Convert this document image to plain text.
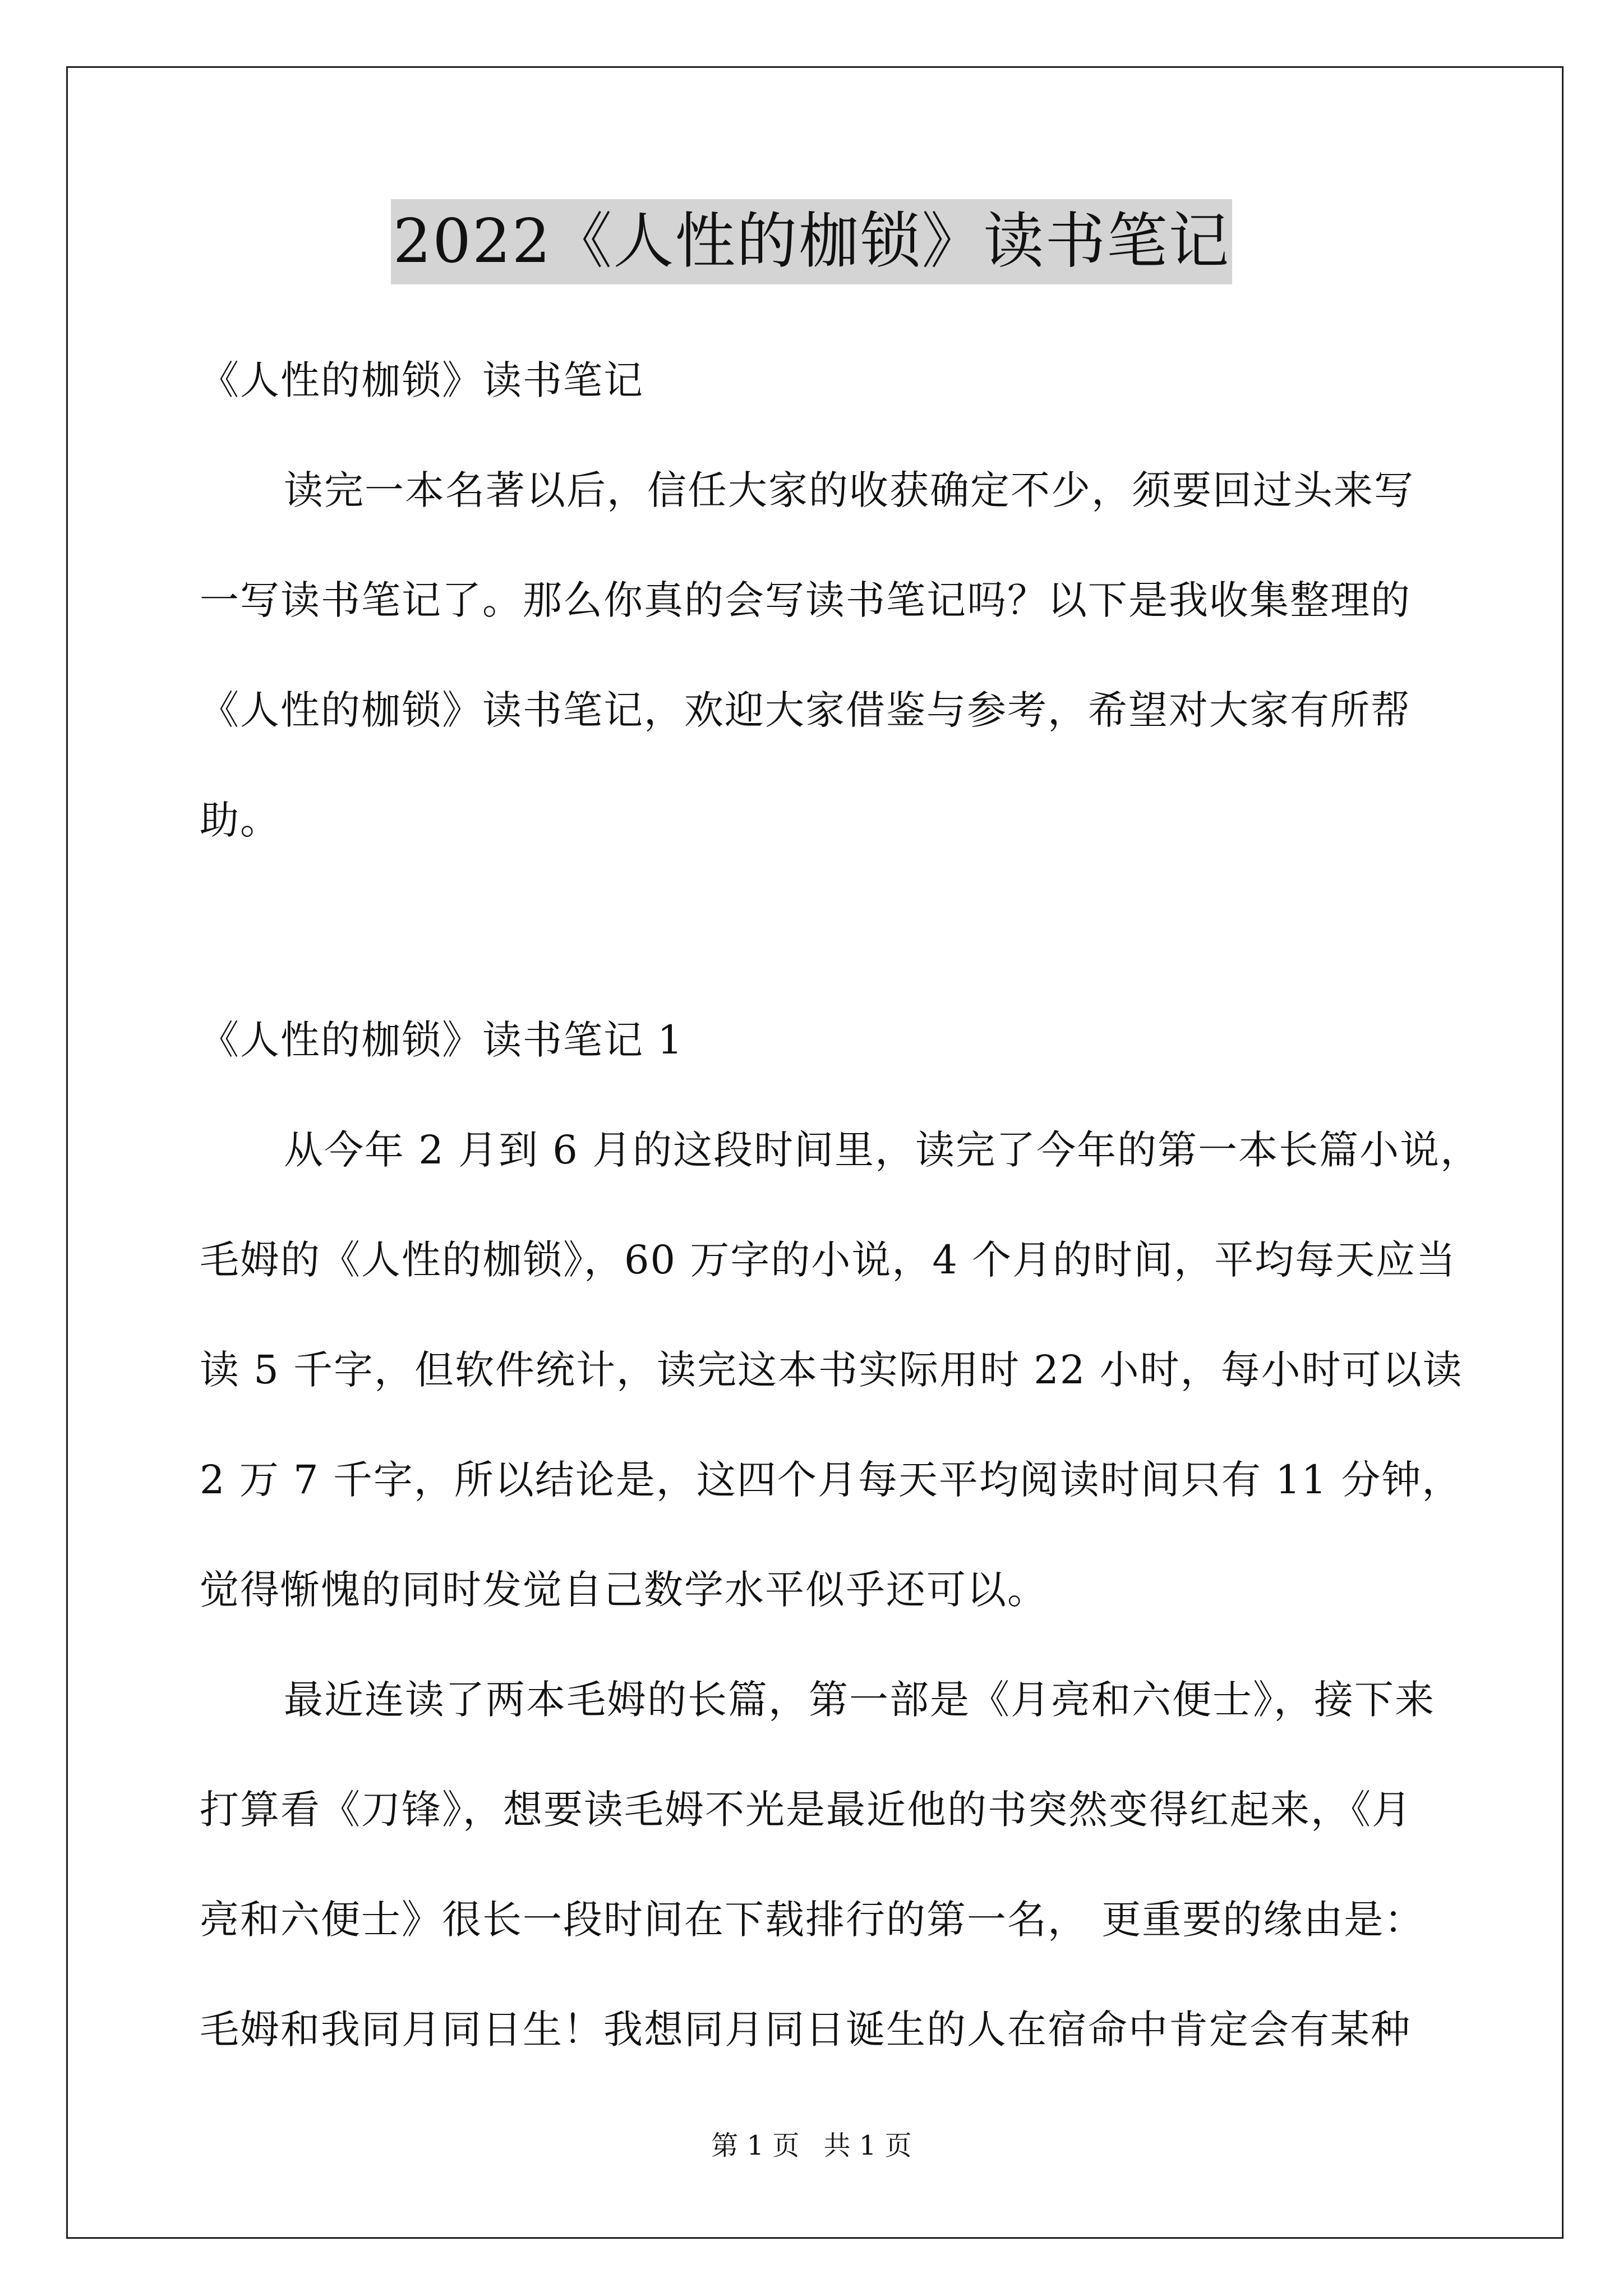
2022《人性的枷锁》读书笔记
《人性的枷锁》读书笔记
读完一本名著以后，信任大家的收获确定不少，须要回过头来写
一写读书笔记了。那么你真的会写读书笔记吗？以下是我收集整理的
《人性的枷锁》读书笔记，欢迎大家借鉴与参考，希望对大家有所帮
助。
《人性的枷锁》读书笔记 1
从今年 2 月到 6 月的这段时间里，读完了今年的第一本长篇小说，
毛姆的《人性的枷锁》，60 万字的小说，4 个月的时间，平均每天应当
读 5 千字，但软件统计，读完这本书实际用时 22 小时，每小时可以读
2 万 7 千字，所以结论是，这四个月每天平均阅读时间只有 11 分钟，
觉得惭愧的同时发觉自己数学水平似乎还可以。
最近连读了两本毛姆的长篇，第一部是《月亮和六便士》，接下来
打算看《刀锋》，想要读毛姆不光是最近他的书突然变得红起来，《月
亮和六便士》很长一段时间在下载排行的第一名， 更重要的缘由是：
毛姆和我同月同日生！我想同月同日诞生的人在宿命中肯定会有某种
第 1 页 共 1 页
